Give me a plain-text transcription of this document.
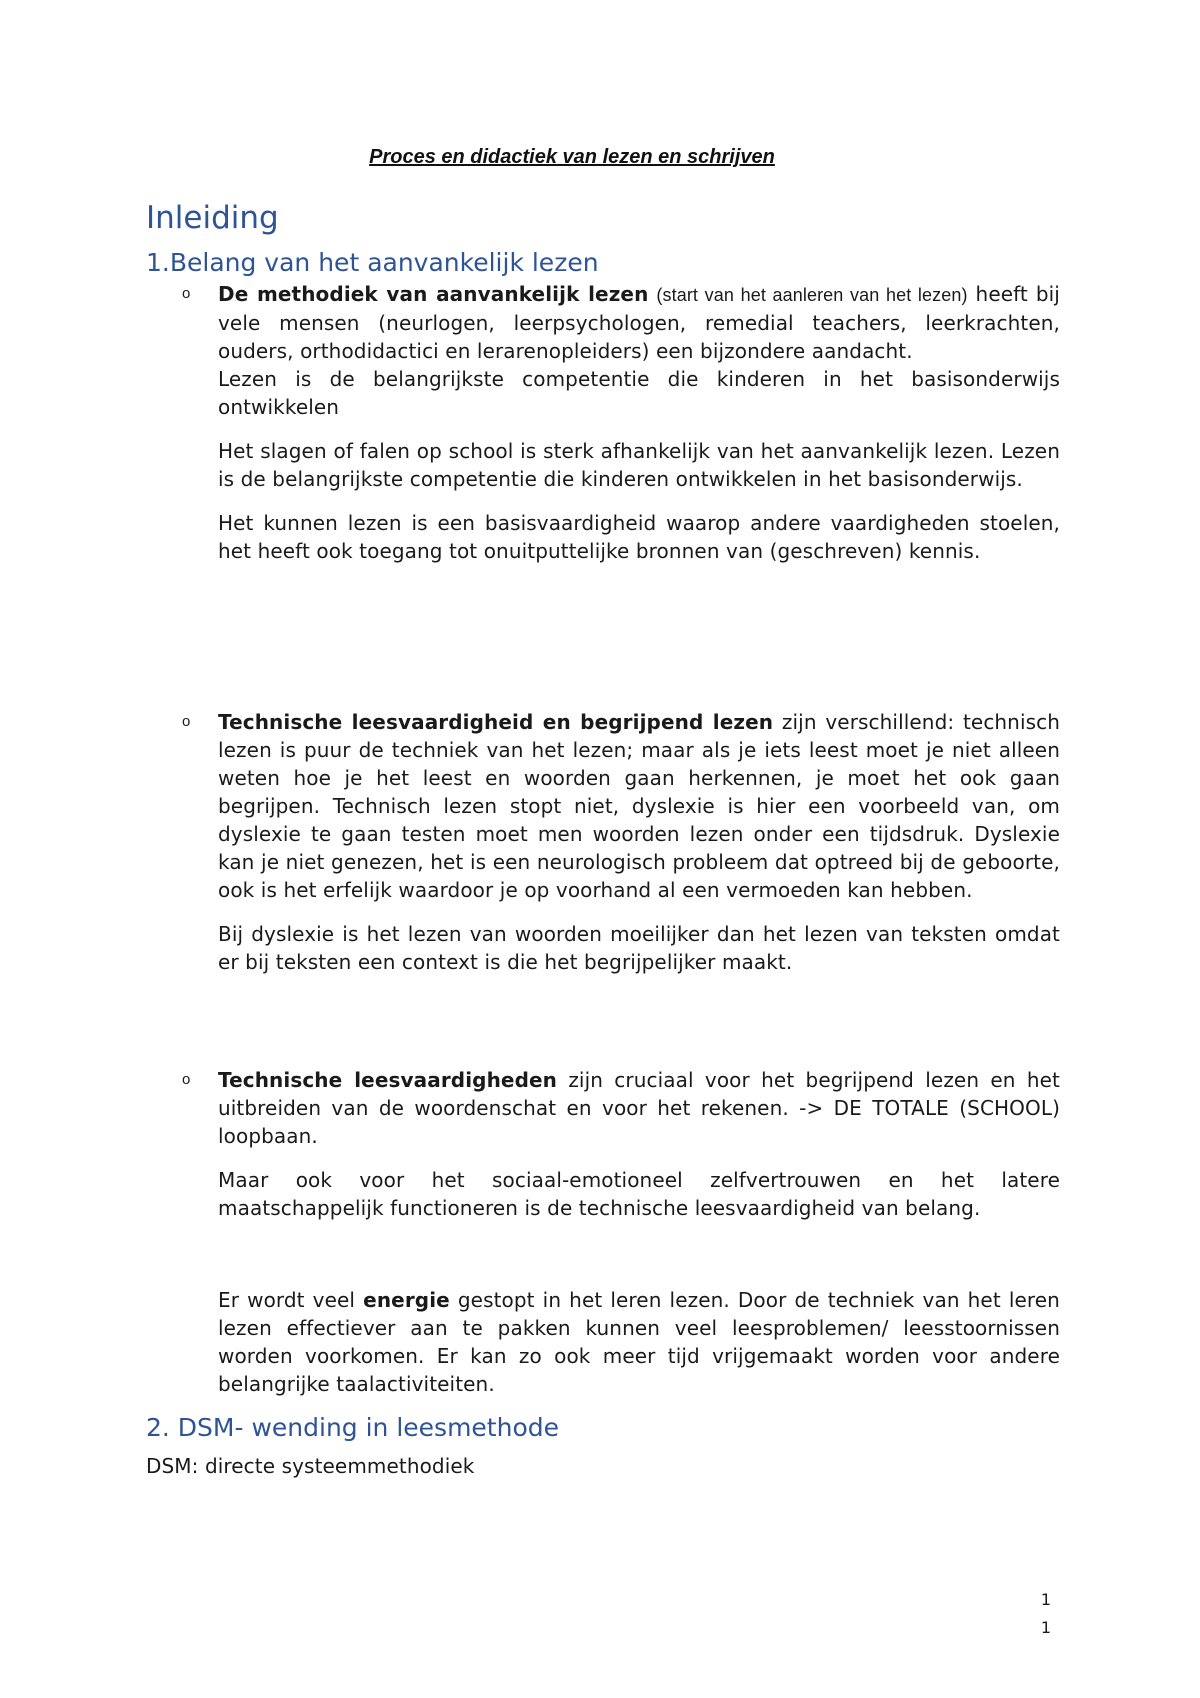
Proces en didactiek van lezen en schrijven
Inleiding
1.Belang van het aanvankelijk lezen
o De methodiek van aanvankelijk lezen (start van het aanleren van het lezen) heeft bij vele mensen (neurlogen, leerpsychologen, remedial teachers, leerkrachten, ouders, orthodidactici en lerarenopleiders) een bijzondere aandacht.

Lezen is de belangrijkste competentie die kinderen in het basisonderwijs ontwikkelen

Het slagen of falen op school is sterk afhankelijk van het aanvankelijk lezen. Lezen is de belangrijkste competentie die kinderen ontwikkelen in het basisonderwijs.

Het kunnen lezen is een basisvaardigheid waarop andere vaardigheden stoelen, het heeft ook toegang tot onuitputtelijke bronnen van (geschreven) kennis.

o Technische leesvaardigheid en begrijpend lezen zijn verschillend: technisch lezen is puur de techniek van het lezen; maar als je iets leest moet je niet alleen weten hoe je het leest en woorden gaan herkennen, je moet het ook gaan begrijpen. Technisch lezen stopt niet, dyslexie is hier een voorbeeld van, om dyslexie te gaan testen moet men woorden lezen onder een tijdsdruk. Dyslexie kan je niet genezen, het is een neurologisch probleem dat optreed bij de geboorte, ook is het erfelijk waardoor je op voorhand al een vermoeden kan hebben.

Bij dyslexie is het lezen van woorden moeilijker dan het lezen van teksten omdat er bij teksten een context is die het begrijpelijker maakt.

o Technische leesvaardigheden zijn cruciaal voor het begrijpend lezen en het uitbreiden van de woordenschat en voor het rekenen. -> DE TOTALE (SCHOOL) loopbaan.

Maar ook voor het sociaal-emotioneel zelfvertrouwen en het latere maatschappelijk functioneren is de technische leesvaardigheid van belang.

Er wordt veel energie gestopt in het leren lezen. Door de techniek van het leren lezen effectiever aan te pakken kunnen veel leesproblemen/ leesstoornissen worden voorkomen. Er kan zo ook meer tijd vrijgemaakt worden voor andere belangrijke taalactiviteiten.

2. DSM- wending in leesmethode

DSM: directe systeemmethodiek

1

1
